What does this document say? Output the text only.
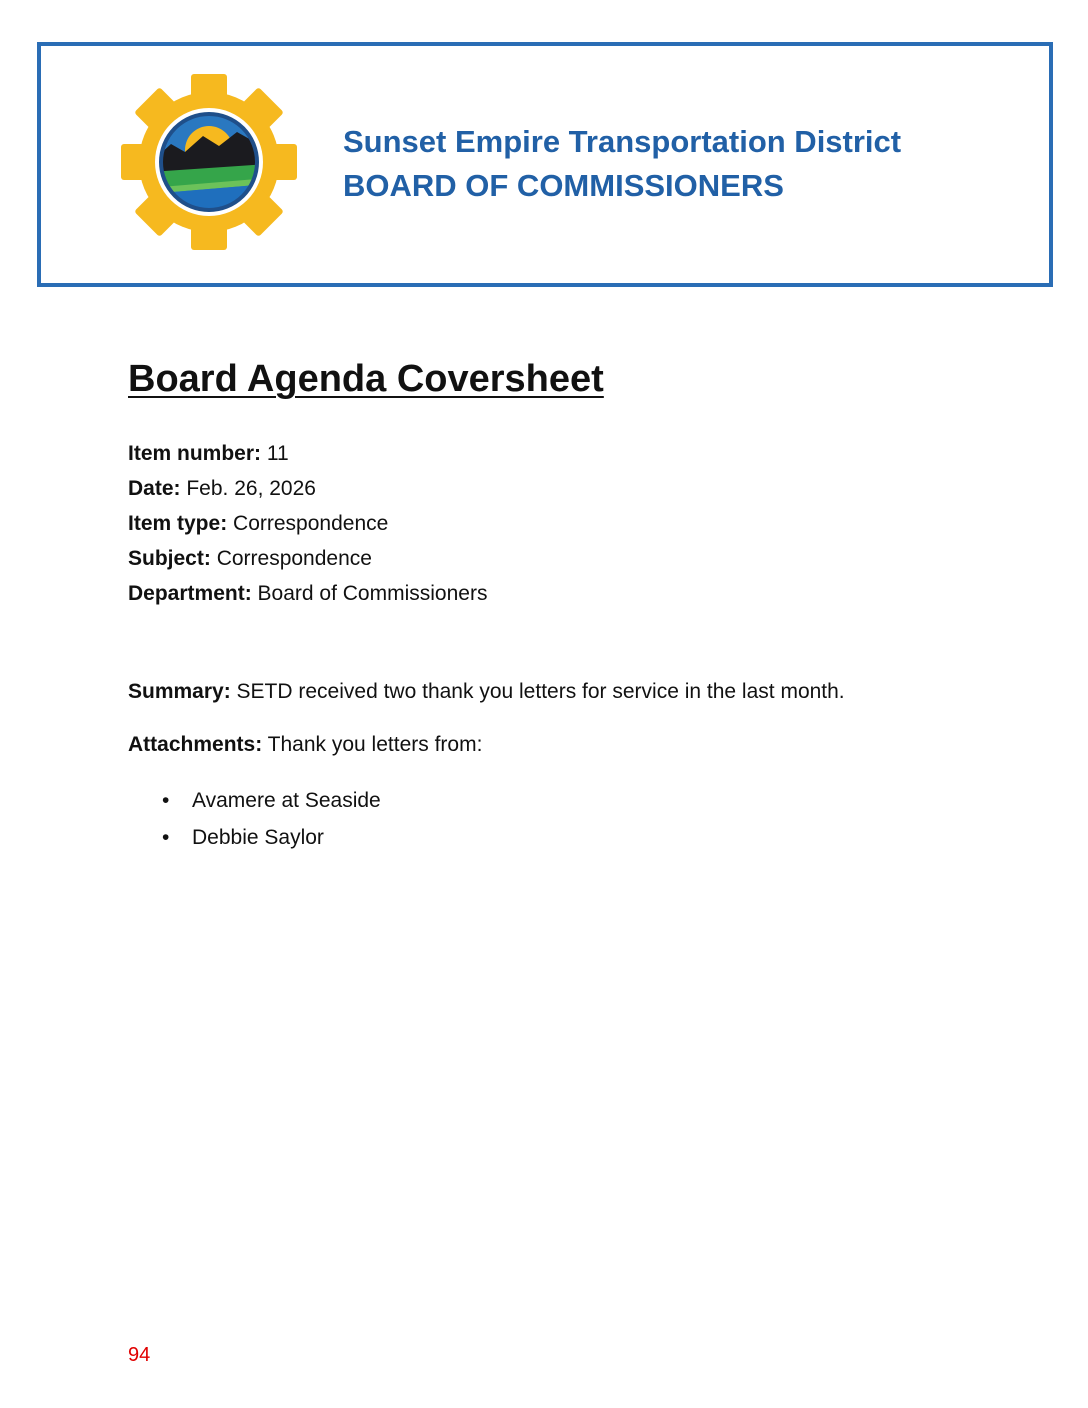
Sunset Empire Transportation District
BOARD OF COMMISSIONERS
Board Agenda Coversheet
Item number: 11
Date: Feb. 26, 2026
Item type: Correspondence
Subject: Correspondence
Department: Board of Commissioners
Summary: SETD received two thank you letters for service in the last month.
Attachments: Thank you letters from:
• Avamere at Seaside
• Debbie Saylor
94
